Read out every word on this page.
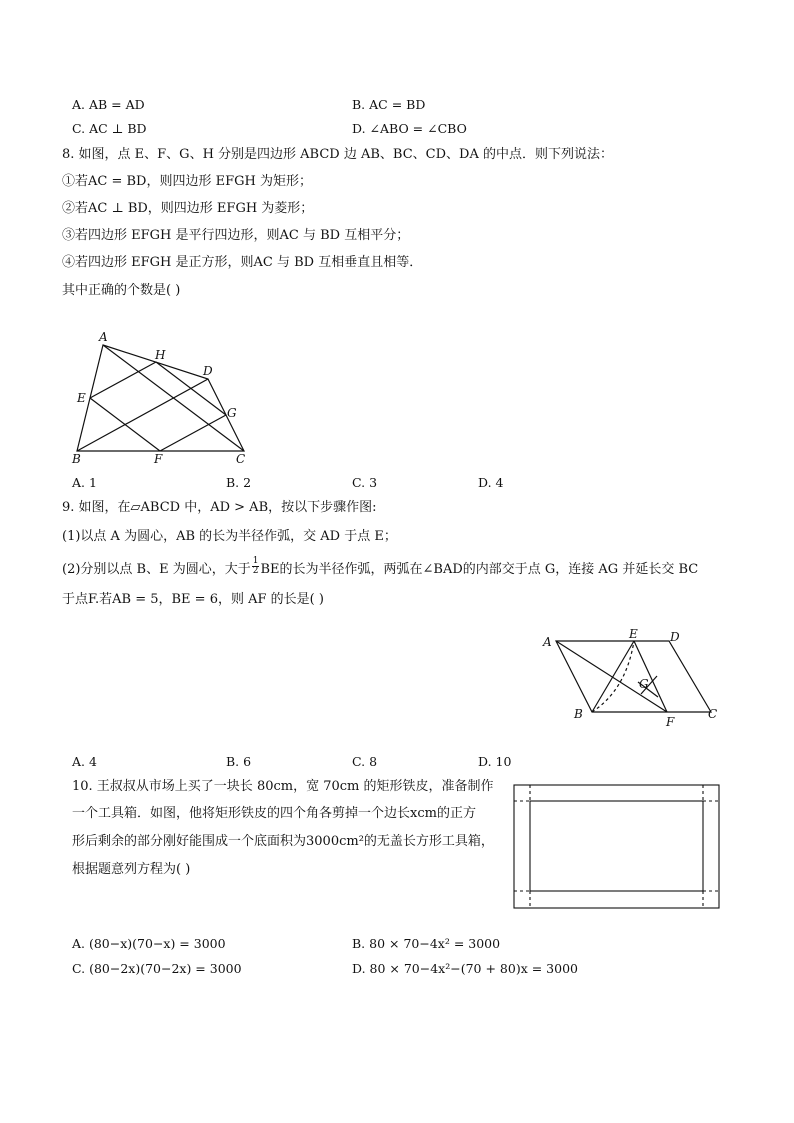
A. AB = AD	B. AC = BD
C. AC ⊥ BD	D. ∠ABO = ∠CBO
8. 如图，点 E、F、G、H 分别是四边形 ABCD 边 AB、BC、CD、DA 的中点．则下列说法：
①若AC = BD，则四边形 EFGH 为矩形；
②若AC ⊥ BD，则四边形 EFGH 为菱形；
③若四边形 EFGH 是平行四边形，则AC 与 BD 互相平分；
④若四边形 EFGH 是正方形，则AC 与 BD 互相垂直且相等．
其中正确的个数是( )
A
H
D
E
G
B	F	C
A. 1	B. 2	C. 3	D. 4
9. 如图，在▱ABCD 中，AD > AB，按以下步骤作图:
(1)以点 A 为圆心，AB 的长为半径作弧，交 AD 于点 E；
(2)分别以点 B、E 为圆心，大于 $\frac{1}{2}$ BE的长为半径作弧，两弧在∠BAD的内部交于点 G，连接 AG 并延长交 BC
于点F.若AB = 5，BE = 6，则 AF 的长是( )
A
E	D
G
B
F
C
A. 4	B. 6	C. 8	D. 10
10. 王叔叔从市场上买了一块长 80cm，宽 70cm 的矩形铁皮，准备制作
一个工具箱．如图，他将矩形铁皮的四个角各剪掉一个边长xcm的正方
形后剩余的部分刚好能围成一个底面积为3000cm²的无盖长方形工具箱，
根据题意列方程为( )
A. (80−x)(70−x) = 3000	B. 80 × 70−4x² = 3000
C. (80−2x)(70−2x) = 3000	D. 80 × 70−4x²−(70 + 80)x = 3000
